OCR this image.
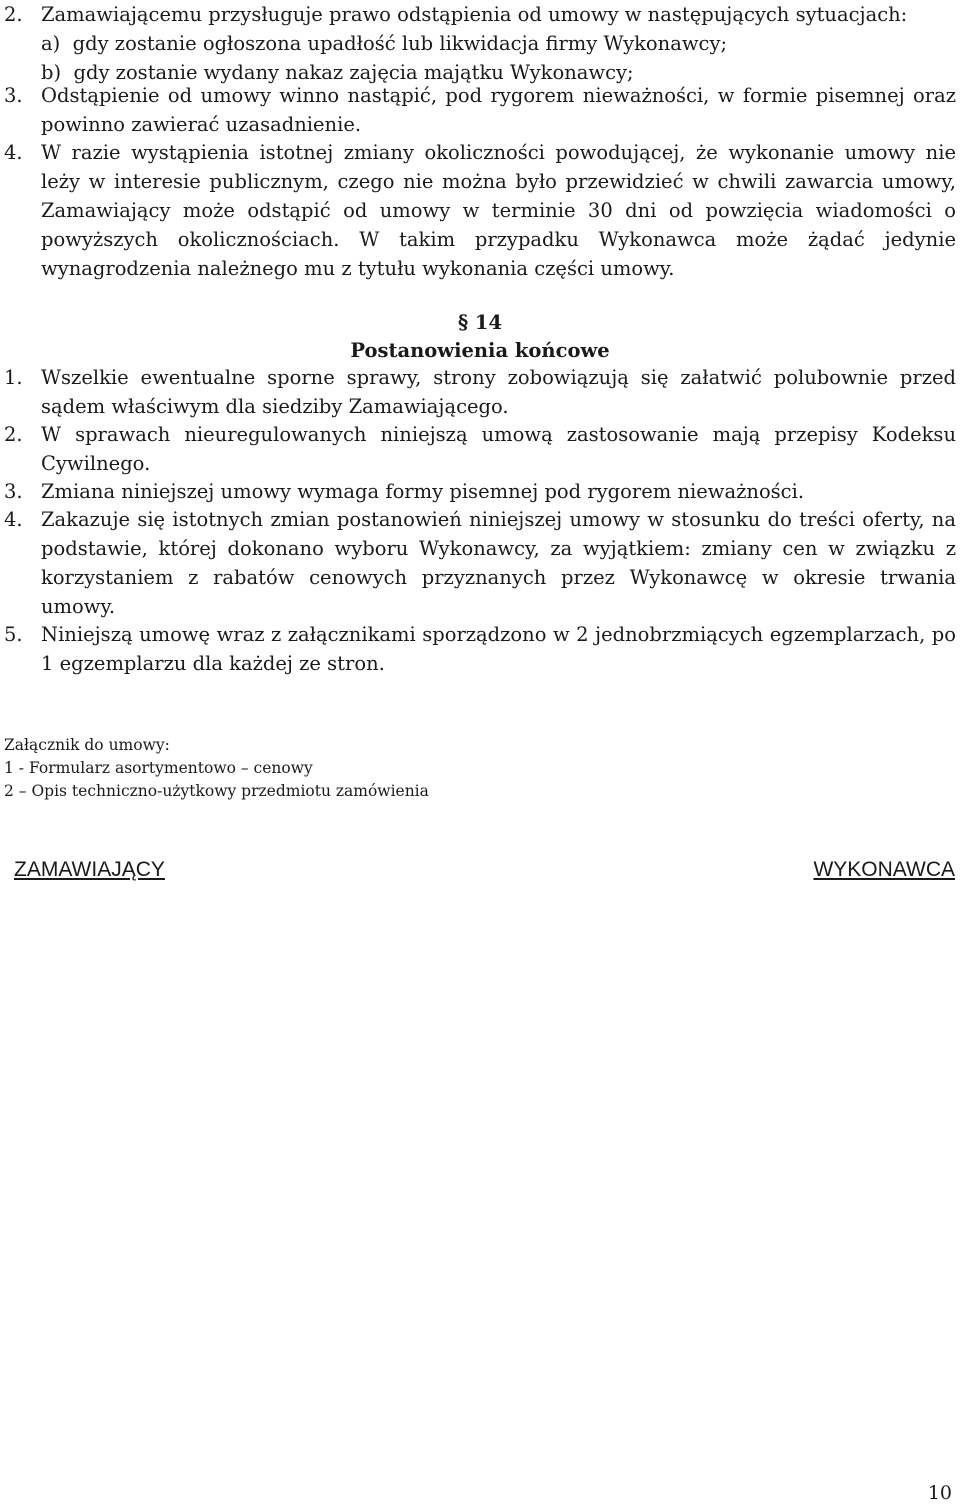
2. Zamawiającemu przysługuje prawo odstąpienia od umowy w następujących sytuacjach:
a)  gdy zostanie ogłoszona upadłość lub likwidacja firmy Wykonawcy;
b)  gdy zostanie wydany nakaz zajęcia majątku Wykonawcy;
3. Odstąpienie od umowy winno nastąpić, pod rygorem nieważności, w formie pisemnej oraz powinno zawierać uzasadnienie.
4. W razie wystąpienia istotnej zmiany okoliczności powodującej, że wykonanie umowy nie leży w interesie publicznym, czego nie można było przewidzieć w chwili zawarcia umowy, Zamawiający może odstąpić od umowy w terminie 30 dni od powzięcia wiadomości o powyższych okolicznościach. W takim przypadku Wykonawca może żądać jedynie wynagrodzenia należnego mu z tytułu wykonania części umowy.
§ 14
Postanowienia końcowe
1. Wszelkie ewentualne sporne sprawy, strony zobowiązują się załatwić polubownie przed sądem właściwym dla siedziby Zamawiającego.
2. W sprawach nieuregulowanych niniejszą umową zastosowanie mają przepisy Kodeksu Cywilnego.
3. Zmiana niniejszej umowy wymaga formy pisemnej pod rygorem nieważności.
4. Zakazuje się istotnych zmian postanowień niniejszej umowy w stosunku do treści oferty, na podstawie, której dokonano wyboru Wykonawcy, za wyjątkiem: zmiany cen w związku z korzystaniem z rabatów cenowych przyznanych przez Wykonawcę w okresie trwania umowy.
5. Niniejszą umowę wraz z załącznikami sporządzono w 2 jednobrzmiących egzemplarzach, po 1 egzemplarzu dla każdej ze stron.
Załącznik do umowy:
1 - Formularz asortymentowo – cenowy
2 – Opis techniczno-użytkowy przedmiotu zamówienia
ZAMAWIAJĄCY	WYKONAWCA
10
